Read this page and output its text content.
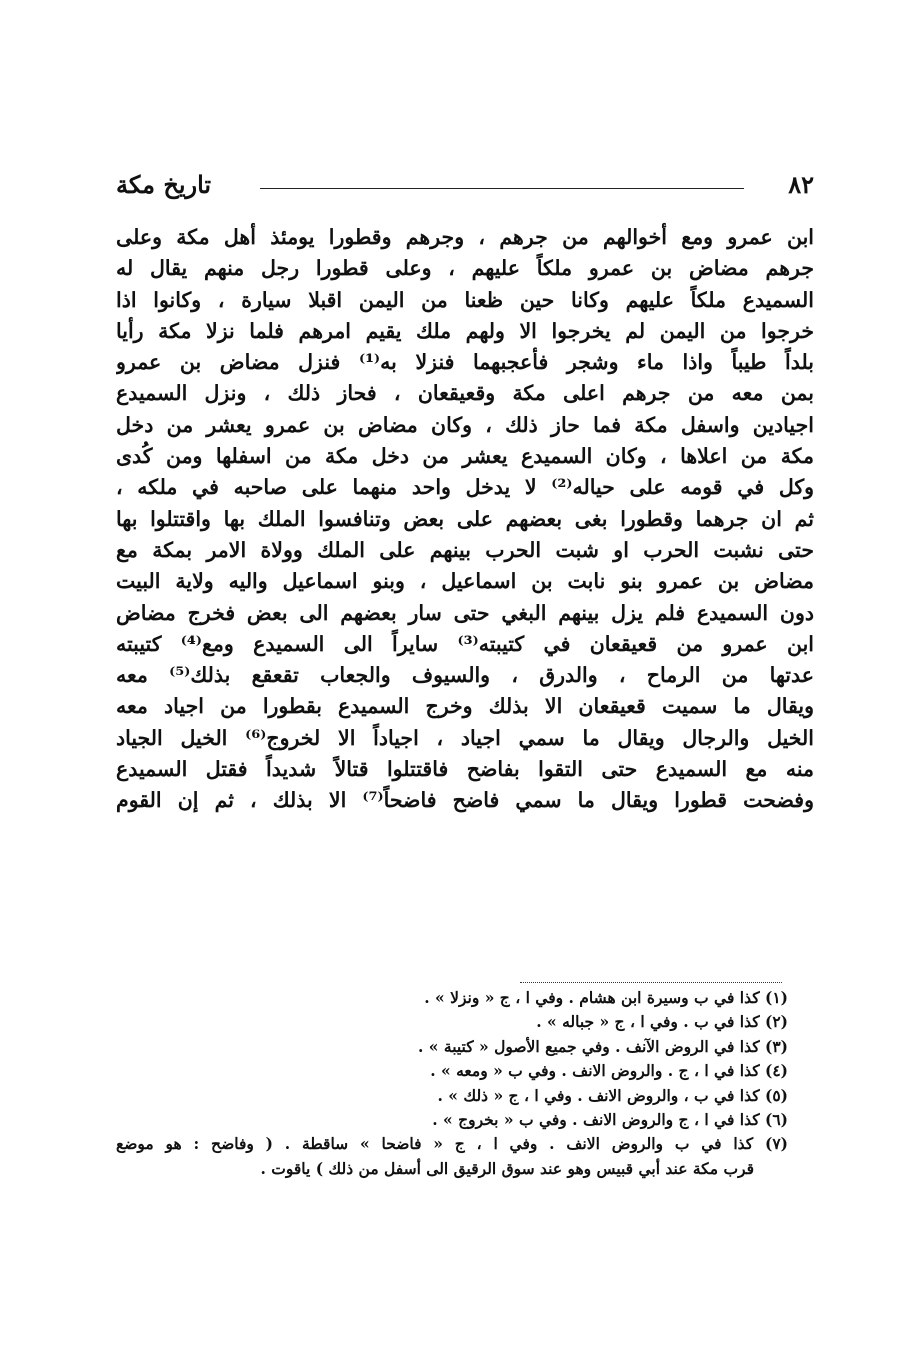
٨٢
تاريخ مكة
ابن عمرو ومع أخوالهم من جرهم ، وجرهم وقطورا يومئذ أهل مكة وعلى
جرهم مضاض بن عمرو ملكاً عليهم ، وعلى قطورا رجل منهم يقال له
السميدع ملكاً عليهم وكانا حين ظعنا من اليمن اقبلا سيارة ، وكانوا اذا
خرجوا من اليمن لم يخرجوا الا ولهم ملك يقيم امرهم فلما نزلا مكة رأيا
بلداً طيباً واذا ماء وشجر فأعجبهما فنزلا به⁽¹⁾ فنزل مضاض بن عمرو
بمن معه من جرهم اعلى مكة وقعيقعان ، فحاز ذلك ، ونزل السميدع
اجيادين واسفل مكة فما حاز ذلك ، وكان مضاض بن عمرو يعشر من دخل
مكة من اعلاها ، وكان السميدع يعشر من دخل مكة من اسفلها ومن كُدى
وكل في قومه على حياله⁽²⁾ لا يدخل واحد منهما على صاحبه في ملكه ،
ثم ان جرهما وقطورا بغى بعضهم على بعض وتنافسوا الملك بها واقتتلوا بها
حتى نشبت الحرب او شبت الحرب بينهم على الملك وولاة الامر بمكة مع
مضاض بن عمرو بنو نابت بن اسماعيل ، وبنو اسماعيل واليه ولاية البيت
دون السميدع فلم يزل بينهم البغي حتى سار بعضهم الى بعض فخرج مضاض
ابن عمرو من قعيقعان في كتيبته⁽³⁾ سايراً الى السميدع ومع⁽⁴⁾ كتيبته
عدتها من الرماح ، والدرق ، والسيوف والجعاب تقعقع بذلك⁽⁵⁾ معه
ويقال ما سميت قعيقعان الا بذلك وخرج السميدع بقطورا من اجياد معه
الخيل والرجال ويقال ما سمي اجياد ، اجياداً الا لخروج⁽⁶⁾ الخيل الجياد
منه مع السميدع حتى التقوا بفاضح فاقتتلوا قتالاً شديداً فقتل السميدع
وفضحت قطورا ويقال ما سمي فاضح فاضحاً⁽⁷⁾ الا بذلك ، ثم إن القوم
(١) كذا في ب وسيرة ابن هشام . وفي ا ، ج « ونزلا » .
(٢) كذا في ب . وفي ا ، ج « جباله » .
(٣) كذا في الروض الآنف . وفي جميع الأصول « كتيبة » .
(٤) كذا في ا ، ج . والروض الانف . وفي ب « ومعه » .
(٥) كذا في ب ، والروض الانف . وفي ا ، ج « ذلك » .
(٦) كذا في ا ، ج والروض الانف . وفي ب « بخروج » .
(٧) كذا في ب والروض الانف . وفي ا ، ج « فاضحا » ساقطة . ( وفاضح : هو موضع
قرب مكة عند أبي قبيس وهو عند سوق الرقيق الى أسفل من ذلك ) ياقوت .
